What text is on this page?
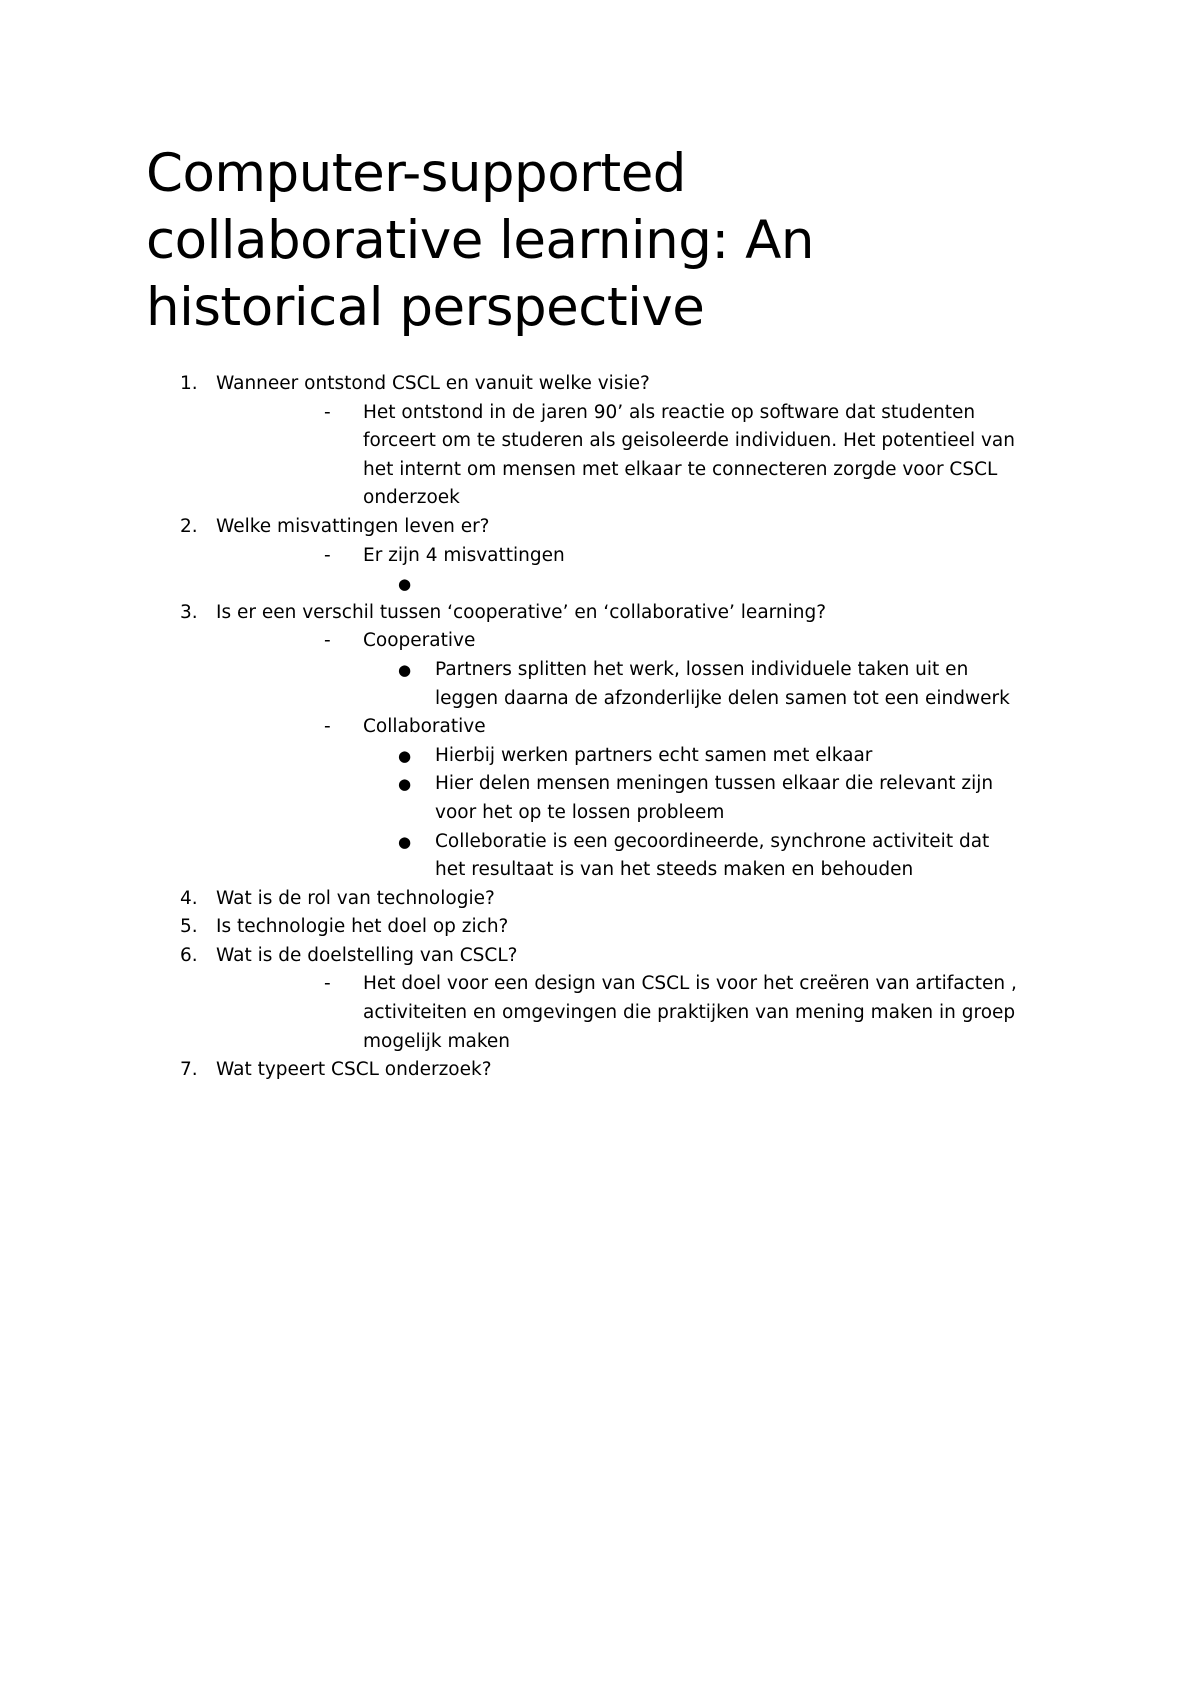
Computer-supported
collaborative learning: An
historical perspective
1. Wanneer ontstond CSCL en vanuit welke visie?
- Het ontstond in de jaren 90’ als reactie op software dat studenten
forceert om te studeren als geisoleerde individuen. Het potentieel van
het internt om mensen met elkaar te connecteren zorgde voor CSCL
onderzoek
2. Welke misvattingen leven er?
- Er zijn 4 misvattingen
●
3. Is er een verschil tussen ‘cooperative’ en ‘collaborative’ learning?
- Cooperative
● Partners splitten het werk, lossen individuele taken uit en
leggen daarna de afzonderlijke delen samen tot een eindwerk
- Collaborative
● Hierbij werken partners echt samen met elkaar
● Hier delen mensen meningen tussen elkaar die relevant zijn
voor het op te lossen probleem
● Colleboratie is een gecoordineerde, synchrone activiteit dat
het resultaat is van het steeds maken en behouden
4. Wat is de rol van technologie?
5. Is technologie het doel op zich?
6. Wat is de doelstelling van CSCL?
- Het doel voor een design van CSCL is voor het creëren van artifacten ,
activiteiten en omgevingen die praktijken van mening maken in groep
mogelijk maken
7. Wat typeert CSCL onderzoek?
